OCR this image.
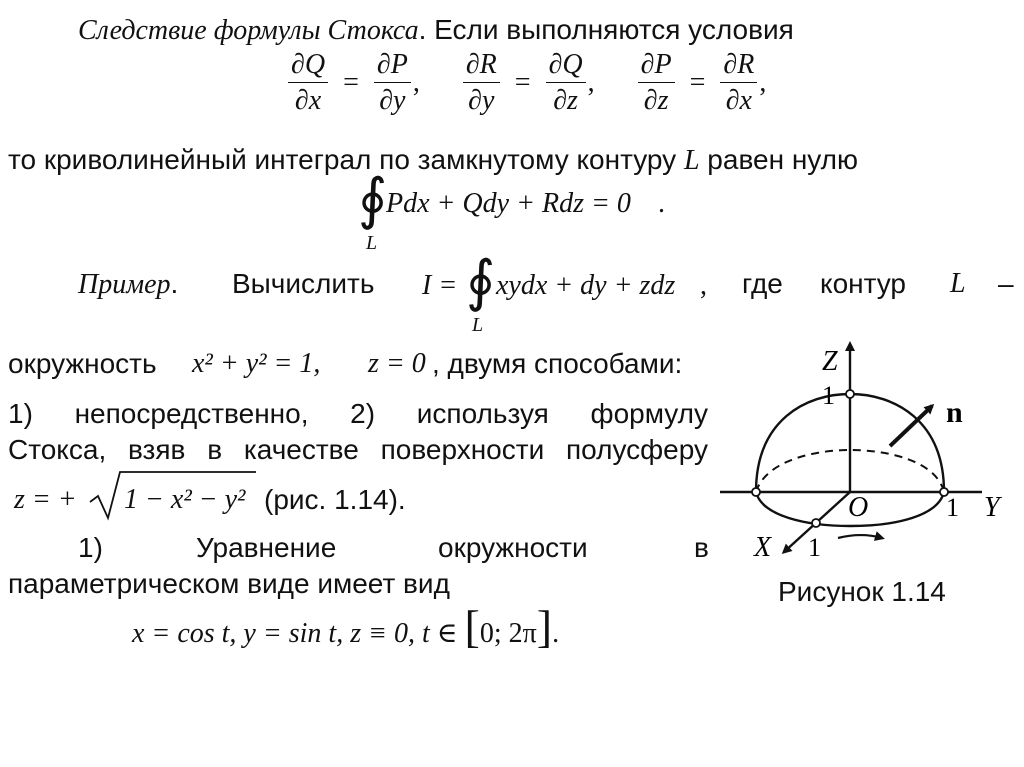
Следствие формулы Стокса. Если выполняются условия
$\frac{\partial Q}{\partial x} = \frac{\partial P}{\partial y}$ , $\frac{\partial R}{\partial y} = \frac{\partial Q}{\partial z}$ , $\frac{\partial P}{\partial z} = \frac{\partial R}{\partial x}$ ,
то криволинейный интеграл по замкнутому контуру L равен нулю
∮
L
Pdx + Qdy + Rdz = 0 .
Пример. Вычислить I = ∮
L
xydx + dy + zdz , где контур L –
окружность x² + y² = 1, z = 0 , двумя способами:
1) непосредственно, 2) используя формулу
Стокса, взяв в качестве поверхности полусферу
z = + 1 − x² − y² (рис. 1.14).
1)	Уравнение	окружности	в
параметрическом виде имеет вид
x = cos t, y = sin t, z ≡ 0, t ∈ [0; 2π].
Z
1
n
O	1 Y
X 1
Рисунок 1.14
